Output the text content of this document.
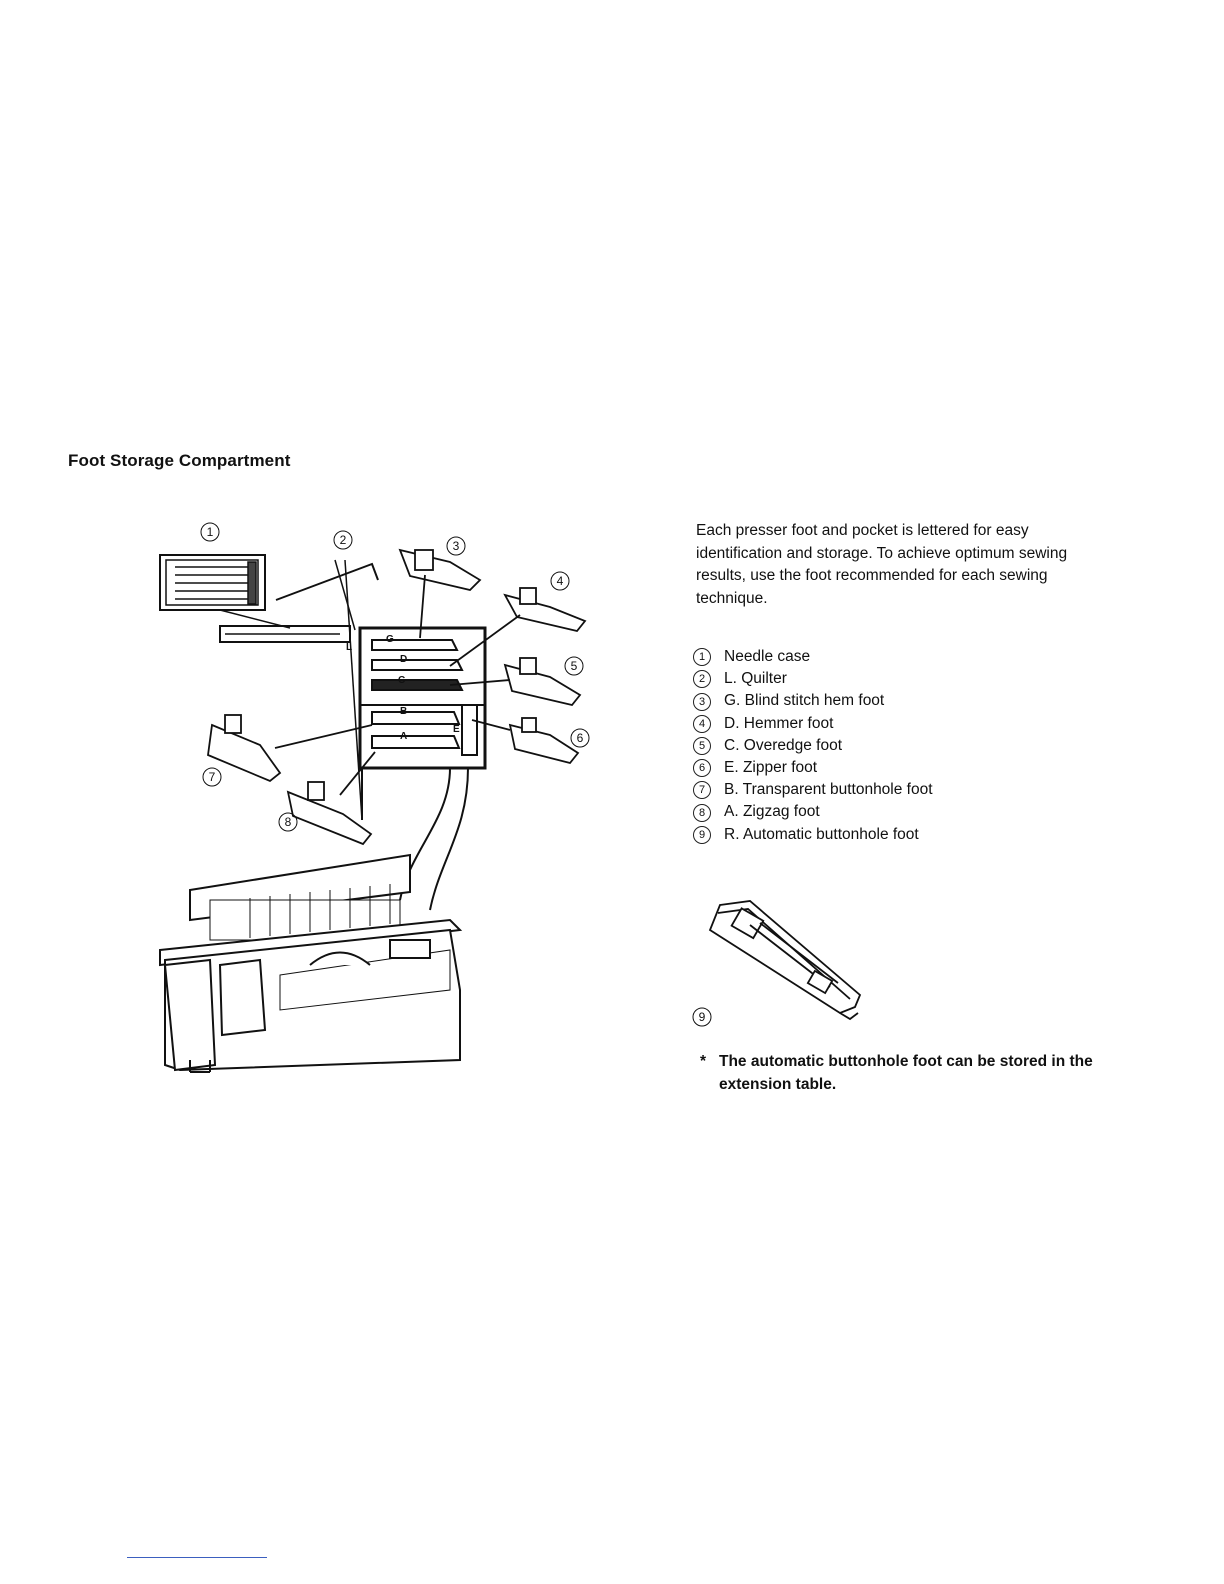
Foot Storage Compartment
G
D
C
B
A
E
L
1
2	3
4
5
6
7
8
Each presser foot and pocket is lettered for easy identification and storage. To achieve optimum sewing results, use the foot recommended for each sewing technique.
1	Needle case
2	L. Quilter
3	G. Blind stitch hem foot
4	D. Hemmer foot
5	C. Overedge foot
6	E. Zipper foot
7	B. Transparent buttonhole foot
8	A. Zigzag foot
9	R. Automatic buttonhole foot
9
* The automatic buttonhole foot can be stored in the extension table.
